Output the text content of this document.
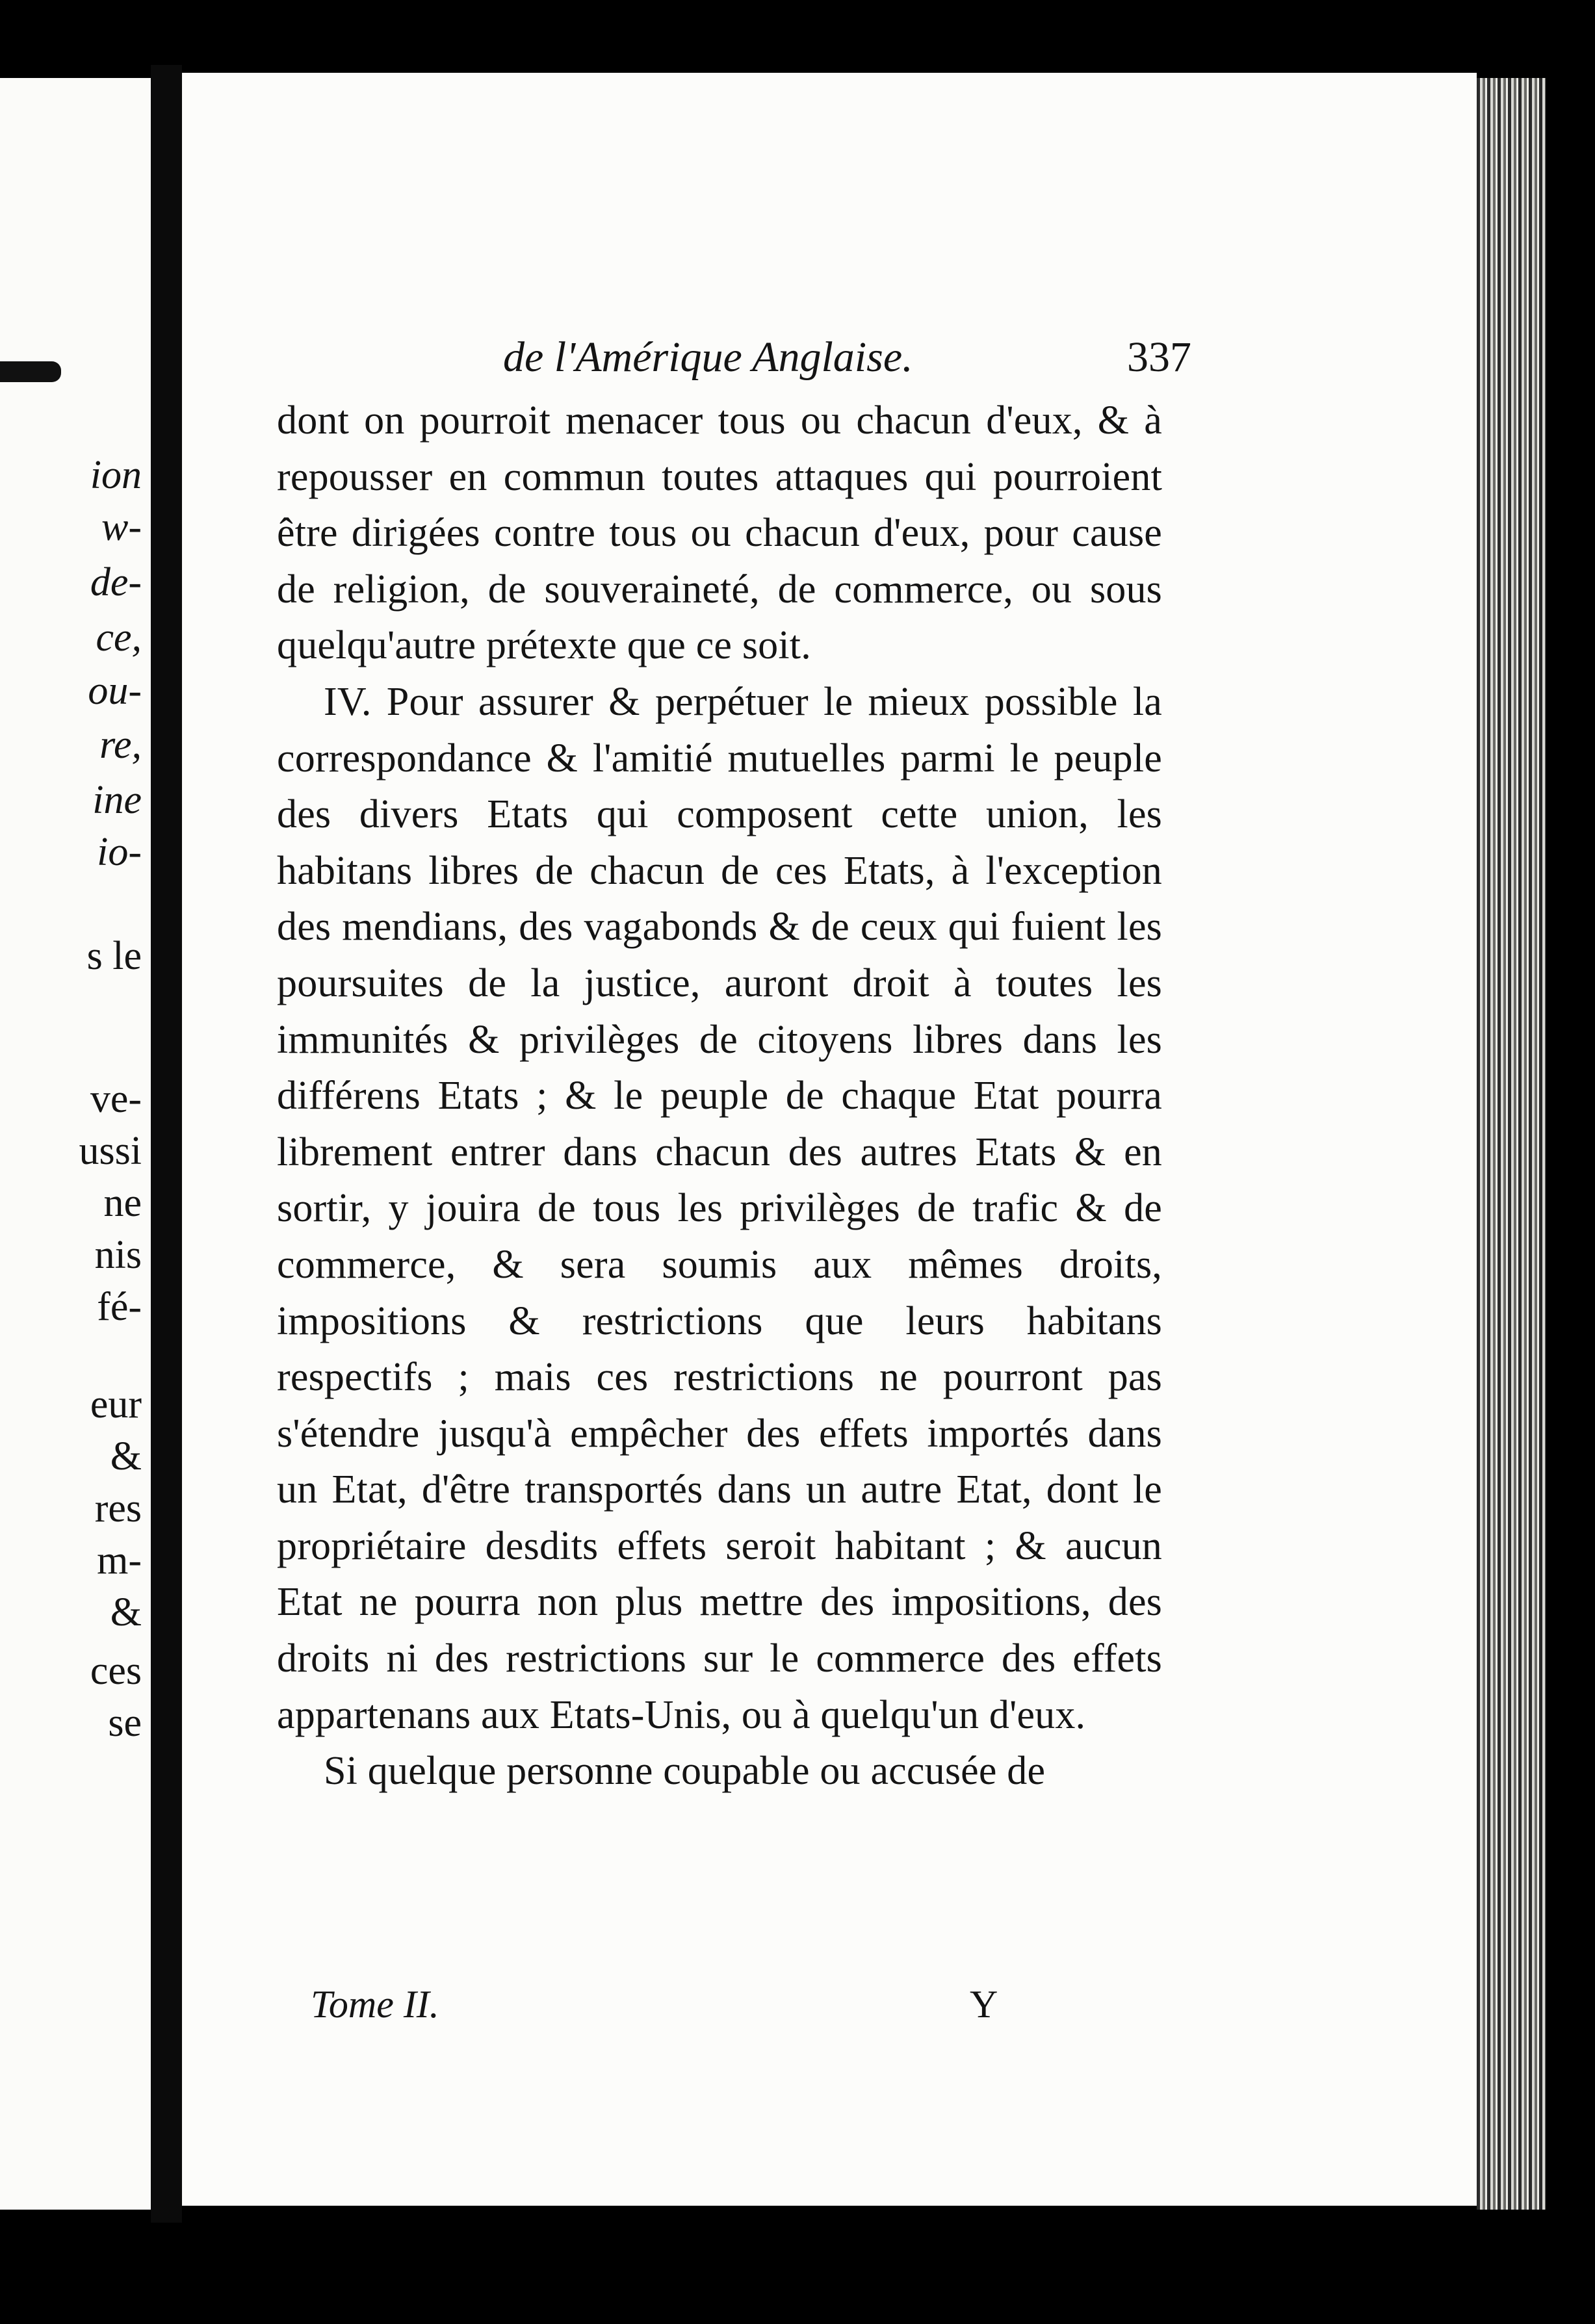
ion
w-
de-
ce,
ou-
re,
ine
io-
s le
ve-
ussi
ne
nis
fé-
eur
&
res
m-
&
ces
se
de l'Amérique Anglaise.	337

dont on pourroit menacer tous ou chacun d'eux, & à repousser en commun toutes attaques qui pourroient être dirigées contre tous ou chacun d'eux, pour cause de religion, de souveraineté, de commerce, ou sous quelqu'autre prétexte que ce soit.

IV. Pour assurer & perpétuer le mieux possible la correspondance & l'amitié mutuelles parmi le peuple des divers Etats qui composent cette union, les habitans libres de chacun de ces Etats, à l'exception des mendians, des vagabonds & de ceux qui fuient les poursuites de la justice, auront droit à toutes les immunités & privilèges de citoyens libres dans les différens Etats ; & le peuple de chaque Etat pourra librement entrer dans chacun des autres Etats & en sortir, y jouira de tous les privilèges de trafic & de commerce, & sera soumis aux mêmes droits, impositions & restrictions que leurs habitans respectifs ; mais ces restrictions ne pourront pas s'étendre jusqu'à empêcher des effets importés dans un Etat, d'être transportés dans un autre Etat, dont le propriétaire desdits effets seroit habitant ; & aucun Etat ne pourra non plus mettre des impositions, des droits ni des restrictions sur le commerce des effets appartenans aux Etats-Unis, ou à quelqu'un d'eux.

Si quelque personne coupable ou accusée de

Tome II.	Y
